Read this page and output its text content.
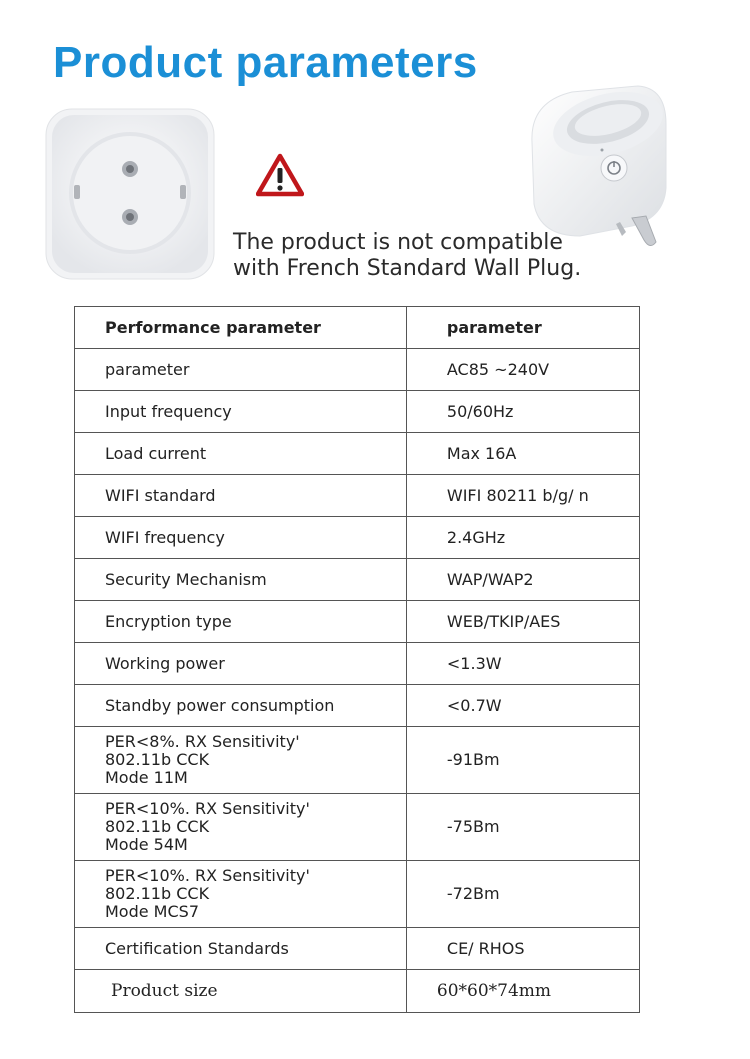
Product parameters

The product is not compatible
with French Standard Wall Plug.

Performance parameter	parameter
parameter	AC85 ~240V
Input frequency	50/60Hz
Load current	Max 16A
WIFI standard	WIFI 80211 b/g/ n
WIFI frequency	2.4GHz
Security Mechanism	WAP/WAP2
Encryption type	WEB/TKIP/AES
Working power	<1.3W
Standby power consumption	<0.7W
PER<8%. RX Sensitivity'
802.11b CCK
Mode 11M	-91Bm
PER<10%. RX Sensitivity'
802.11b CCK
Mode 54M	-75Bm
PER<10%. RX Sensitivity'
802.11b CCK
Mode MCS7	-72Bm
Certification Standards	CE/ RHOS
Product size	60*60*74mm
